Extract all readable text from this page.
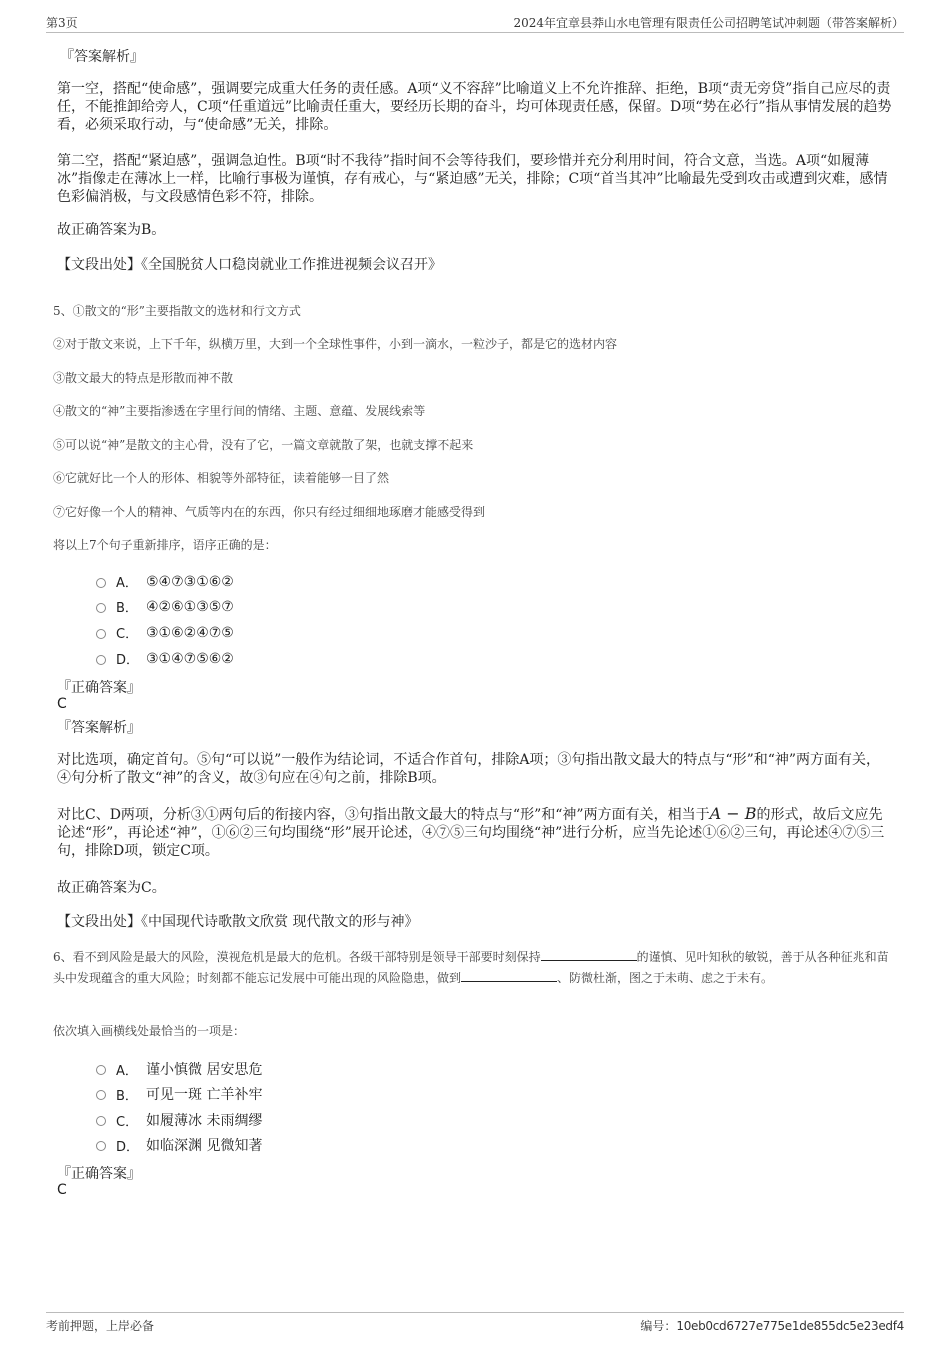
第3页	2024年宜章县莽山水电管理有限责任公司招聘笔试冲刺题（带答案解析）
『答案解析』
第一空，搭配“使命感”，强调要完成重大任务的责任感。A项“义不容辞”比喻道义上不允许推辞、拒绝，B项“责无旁贷”指自己应尽的责任，不能推卸给旁人，C项“任重道远”比喻责任重大，要经历长期的奋斗，均可体现责任感，保留。D项“势在必行”指从事情发展的趋势看，必须采取行动，与“使命感”无关，排除。
第二空，搭配“紧迫感”，强调急迫性。B项“时不我待”指时间不会等待我们，要珍惜并充分利用时间，符合文意，当选。A项“如履薄冰”指像走在薄冰上一样，比喻行事极为谨慎，存有戒心，与“紧迫感”无关，排除；C项“首当其冲”比喻最先受到攻击或遭到灾难，感情色彩偏消极，与文段感情色彩不符，排除。
故正确答案为B。
【文段出处】《全国脱贫人口稳岗就业工作推进视频会议召开》
5、①散文的“形”主要指散文的选材和行文方式
②对于散文来说，上下千年，纵横万里，大到一个全球性事件，小到一滴水，一粒沙子，都是它的选材内容
③散文最大的特点是形散而神不散
④散文的“神”主要指渗透在字里行间的情绪、主题、意蕴、发展线索等
⑤可以说“神”是散文的主心骨，没有了它，一篇文章就散了架，也就支撑不起来
⑥它就好比一个人的形体、相貌等外部特征，读着能够一目了然
⑦它好像一个人的精神、气质等内在的东西，你只有经过细细地琢磨才能感受得到
将以上7个句子重新排序，语序正确的是：
A． ⑤④⑦③①⑥②
B． ④②⑥①③⑤⑦
C． ③①⑥②④⑦⑤
D． ③①④⑦⑤⑥②
『正确答案』
C
『答案解析』
对比选项，确定首句。⑤句“可以说”一般作为结论词，不适合作首句，排除A项；③句指出散文最大的特点与“形”和“神”两方面有关，④句分析了散文“神”的含义，故③句应在④句之前，排除B项。
对比C、D两项，分析③①两句后的衔接内容，③句指出散文最大的特点与“形”和“神”两方面有关，相当于A − B的形式，故后文应先论述“形”，再论述“神”，①⑥②三句均围绕“形”展开论述，④⑦⑤三句均围绕“神”进行分析，应当先论述①⑥②三句，再论述④⑦⑤三句，排除D项，锁定C项。
故正确答案为C。
【文段出处】《中国现代诗歌散文欣赏 现代散文的形与神》
6、看不到风险是最大的风险，漠视危机是最大的危机。各级干部特别是领导干部要时刻保持	的谨慎、见叶知秋的敏锐，善于从各种征兆和苗头中发现蕴含的重大风险；时刻都不能忘记发展中可能出现的风险隐患，做到	、防微杜渐，图之于未萌、虑之于未有。
依次填入画横线处最恰当的一项是：
A． 谨小慎微 居安思危
B． 可见一斑 亡羊补牢
C． 如履薄冰 未雨绸缪
D． 如临深渊 见微知著
『正确答案』
C
考前押题，上岸必备	编号：10eb0cd6727e775e1de855dc5e23edf4
